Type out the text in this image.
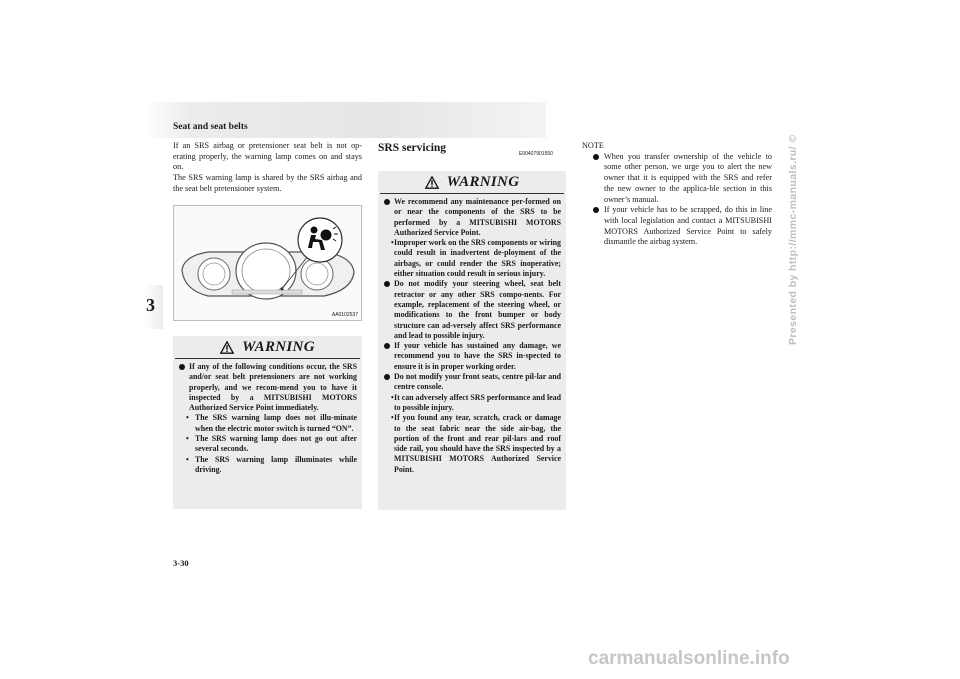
Seat and seat belts
3

If an SRS airbag or pretensioner seat belt is not op-erating properly, the warning lamp comes on and stays on.

The SRS warning lamp is shared by the SRS airbag and the seat belt pretensioner system.

AA0102537
WARNING

If any of the following conditions occur, the SRS and/or seat belt pretensioners are not working properly, and we recom-mend you to have it inspected by a MITSUBISHI MOTORS Authorized Service Point immediately.

• The SRS warning lamp does not illu-minate when the electric motor switch is turned “ON”.

• The SRS warning lamp does not go out after several seconds.

• The SRS warning lamp illuminates while driving.

SRS servicing	E00407901550
WARNING

We recommend any maintenance per-formed on or near the components of the SRS to be performed by a MITSUBISHI MOTORS Authorized Service Point.

• Improper work on the SRS components or wiring could result in inadvertent de-ployment of the airbags, or could render the SRS inoperative; either situation could result in serious injury.

Do not modify your steering wheel, seat belt retractor or any other SRS compo-nents. For example, replacement of the steering wheel, or modifications to the front bumper or body structure can ad-versely affect SRS performance and lead to possible injury.

If your vehicle has sustained any damage, we recommend you to have the SRS in-spected to ensure it is in proper working order.

Do not modify your front seats, centre pil-lar and centre console.

• It can adversely affect SRS performance and lead to possible injury.

• If you found any tear, scratch, crack or damage to the seat fabric near the side air-bag, the portion of the front and rear pil-lars and roof side rail, you should have the SRS inspected by a MITSUBISHI MOTORS Authorized Service Point.

NOTE

When you transfer ownership of the vehicle to some other person, we urge you to alert the new owner that it is equipped with the SRS and refer the new owner to the applica-ble section in this owner’s manual.

If your vehicle has to be scrapped, do this in line with local legislation and contact a MITSUBISHI MOTORS Authorized Service Point to safely dismantle the airbag system.

3-30
Presented by http://mmc-manuals.ru/ ©
carmanualsonline.info
